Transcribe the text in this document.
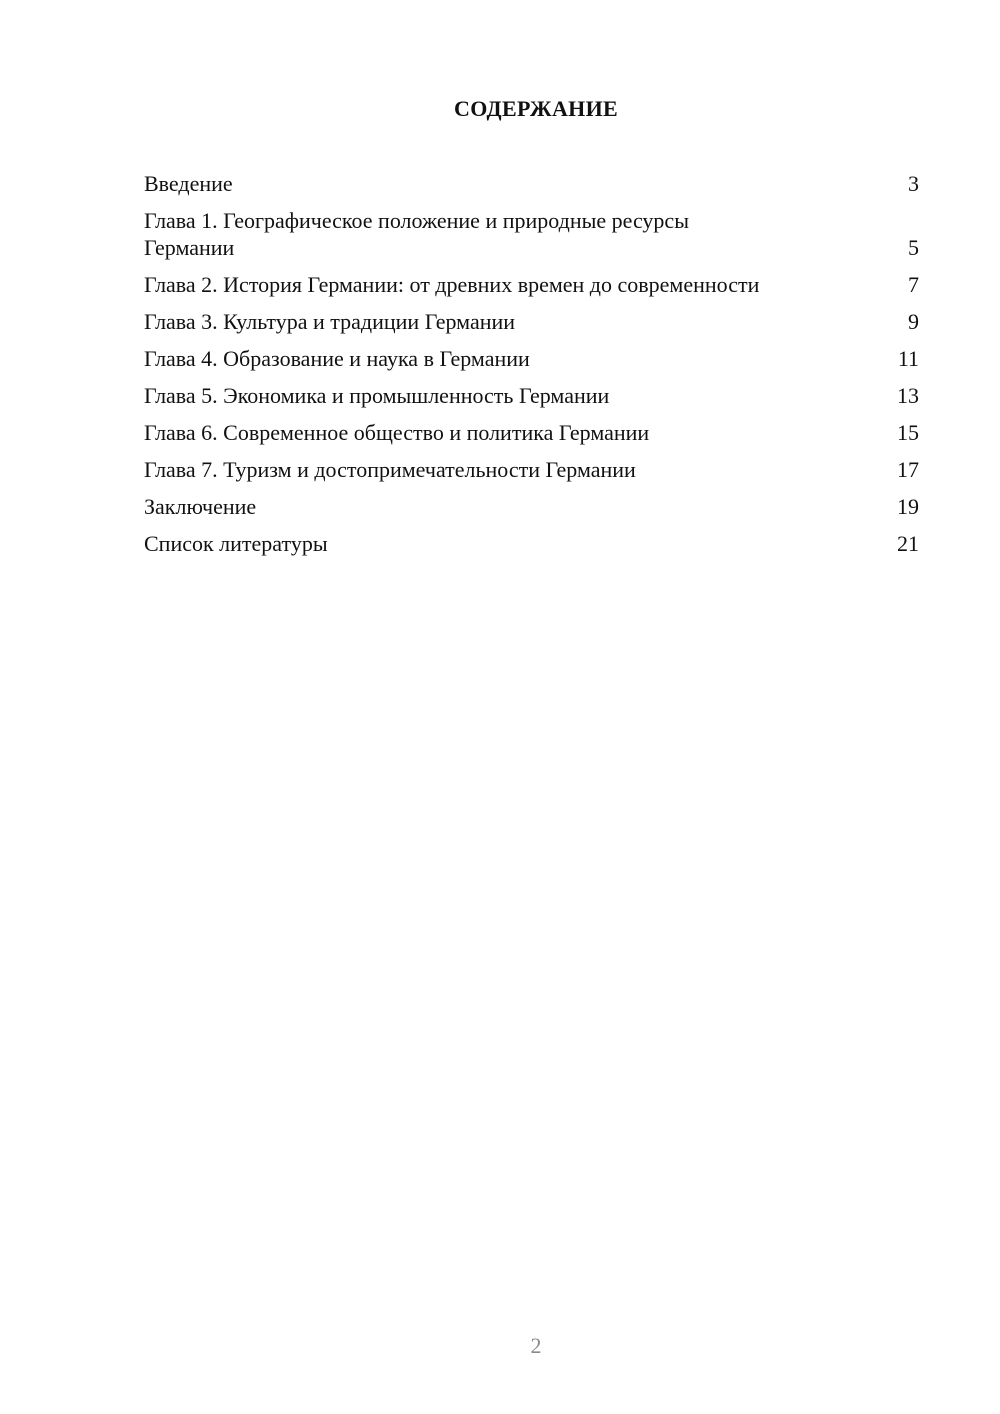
СОДЕРЖАНИЕ
Введение	3
Глава 1. Географическое положение и природные ресурсы Германии	5
Глава 2. История Германии: от древних времен до современности	7
Глава 3. Культура и традиции Германии	9
Глава 4. Образование и наука в Германии	11
Глава 5. Экономика и промышленность Германии	13
Глава 6. Современное общество и политика Германии	15
Глава 7. Туризм и достопримечательности Германии	17
Заключение	19
Список литературы	21
2
